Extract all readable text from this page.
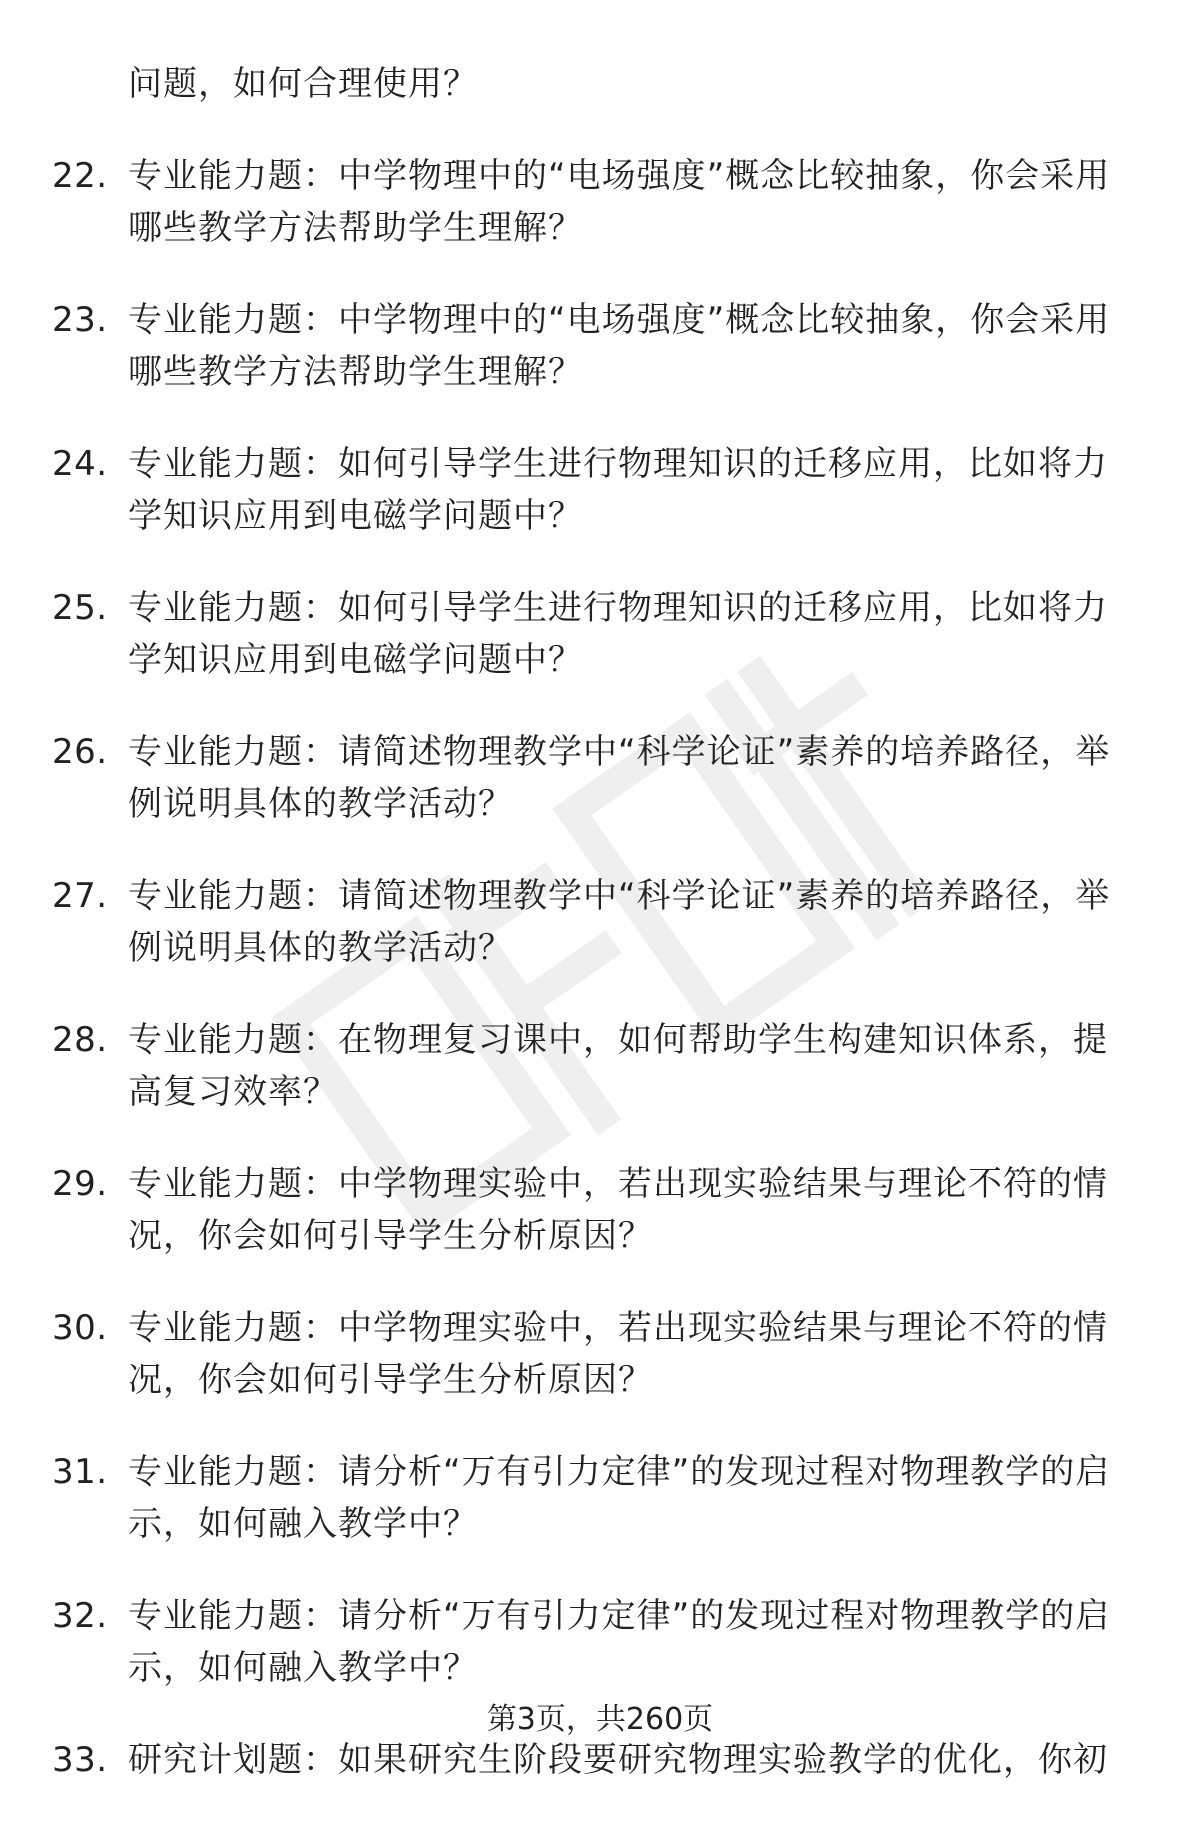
问题，如何合理使用？
22. 专业能力题：中学物理中的“电场强度”概念比较抽象，你会采用哪些教学方法帮助学生理解？
23. 专业能力题：中学物理中的“电场强度”概念比较抽象，你会采用哪些教学方法帮助学生理解？
24. 专业能力题：如何引导学生进行物理知识的迁移应用，比如将力学知识应用到电磁学问题中？
25. 专业能力题：如何引导学生进行物理知识的迁移应用，比如将力学知识应用到电磁学问题中？
26. 专业能力题：请简述物理教学中“科学论证”素养的培养路径，举例说明具体的教学活动？
27. 专业能力题：请简述物理教学中“科学论证”素养的培养路径，举例说明具体的教学活动？
28. 专业能力题：在物理复习课中，如何帮助学生构建知识体系，提高复习效率？
29. 专业能力题：中学物理实验中，若出现实验结果与理论不符的情况，你会如何引导学生分析原因？
30. 专业能力题：中学物理实验中，若出现实验结果与理论不符的情况，你会如何引导学生分析原因？
31. 专业能力题：请分析“万有引力定律”的发现过程对物理教学的启示，如何融入教学中？
32. 专业能力题：请分析“万有引力定律”的发现过程对物理教学的启示，如何融入教学中？
33. 研究计划题：如果研究生阶段要研究物理实验教学的优化，你初
第3页，共260页
